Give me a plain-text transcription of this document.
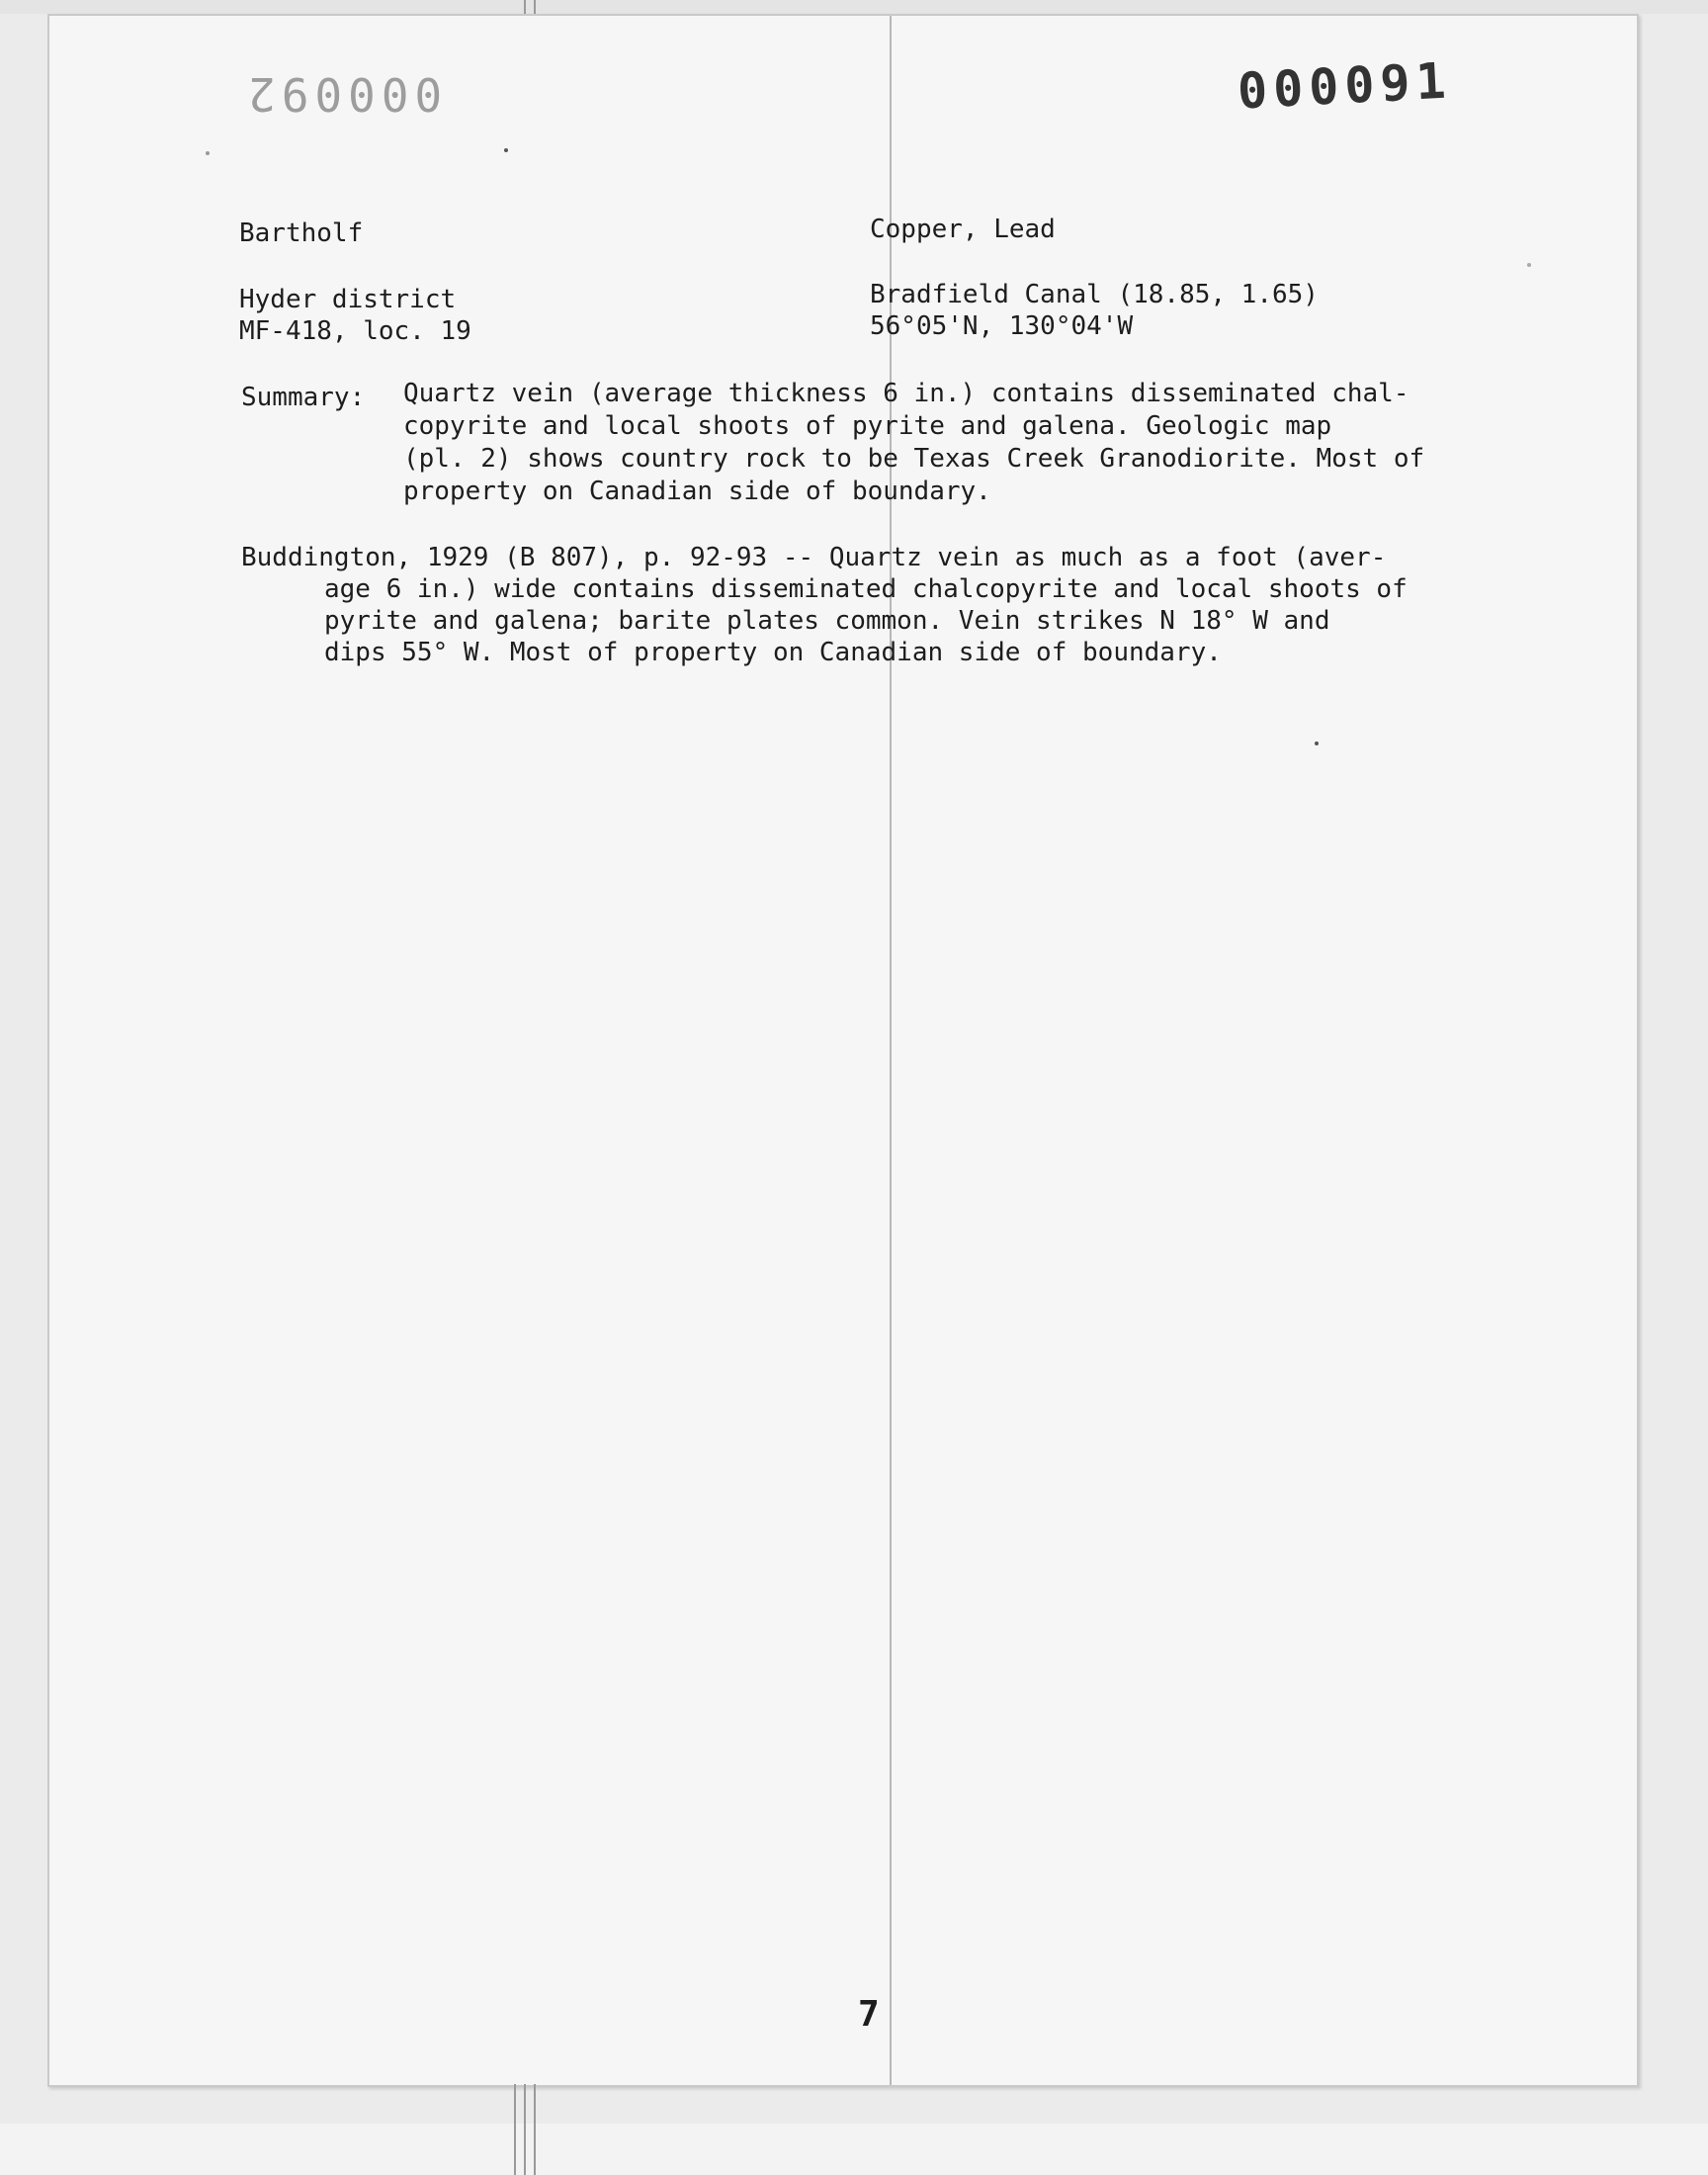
000092	000091
Bartholf	Copper, Lead
Hyder district
MF-418, loc. 19
Bradfield Canal (18.85, 1.65)
56°05'N, 130°04'W
Summary: Quartz vein (average thickness 6 in.) contains disseminated chal-
copyrite and local shoots of pyrite and galena. Geologic map
(pl. 2) shows country rock to be Texas Creek Granodiorite. Most of
property on Canadian side of boundary.
Buddington, 1929 (B 807), p. 92-93 -- Quartz vein as much as a foot (aver-
age 6 in.) wide contains disseminated chalcopyrite and local shoots of
pyrite and galena; barite plates common. Vein strikes N 18° W and
dips 55° W. Most of property on Canadian side of boundary.
7
